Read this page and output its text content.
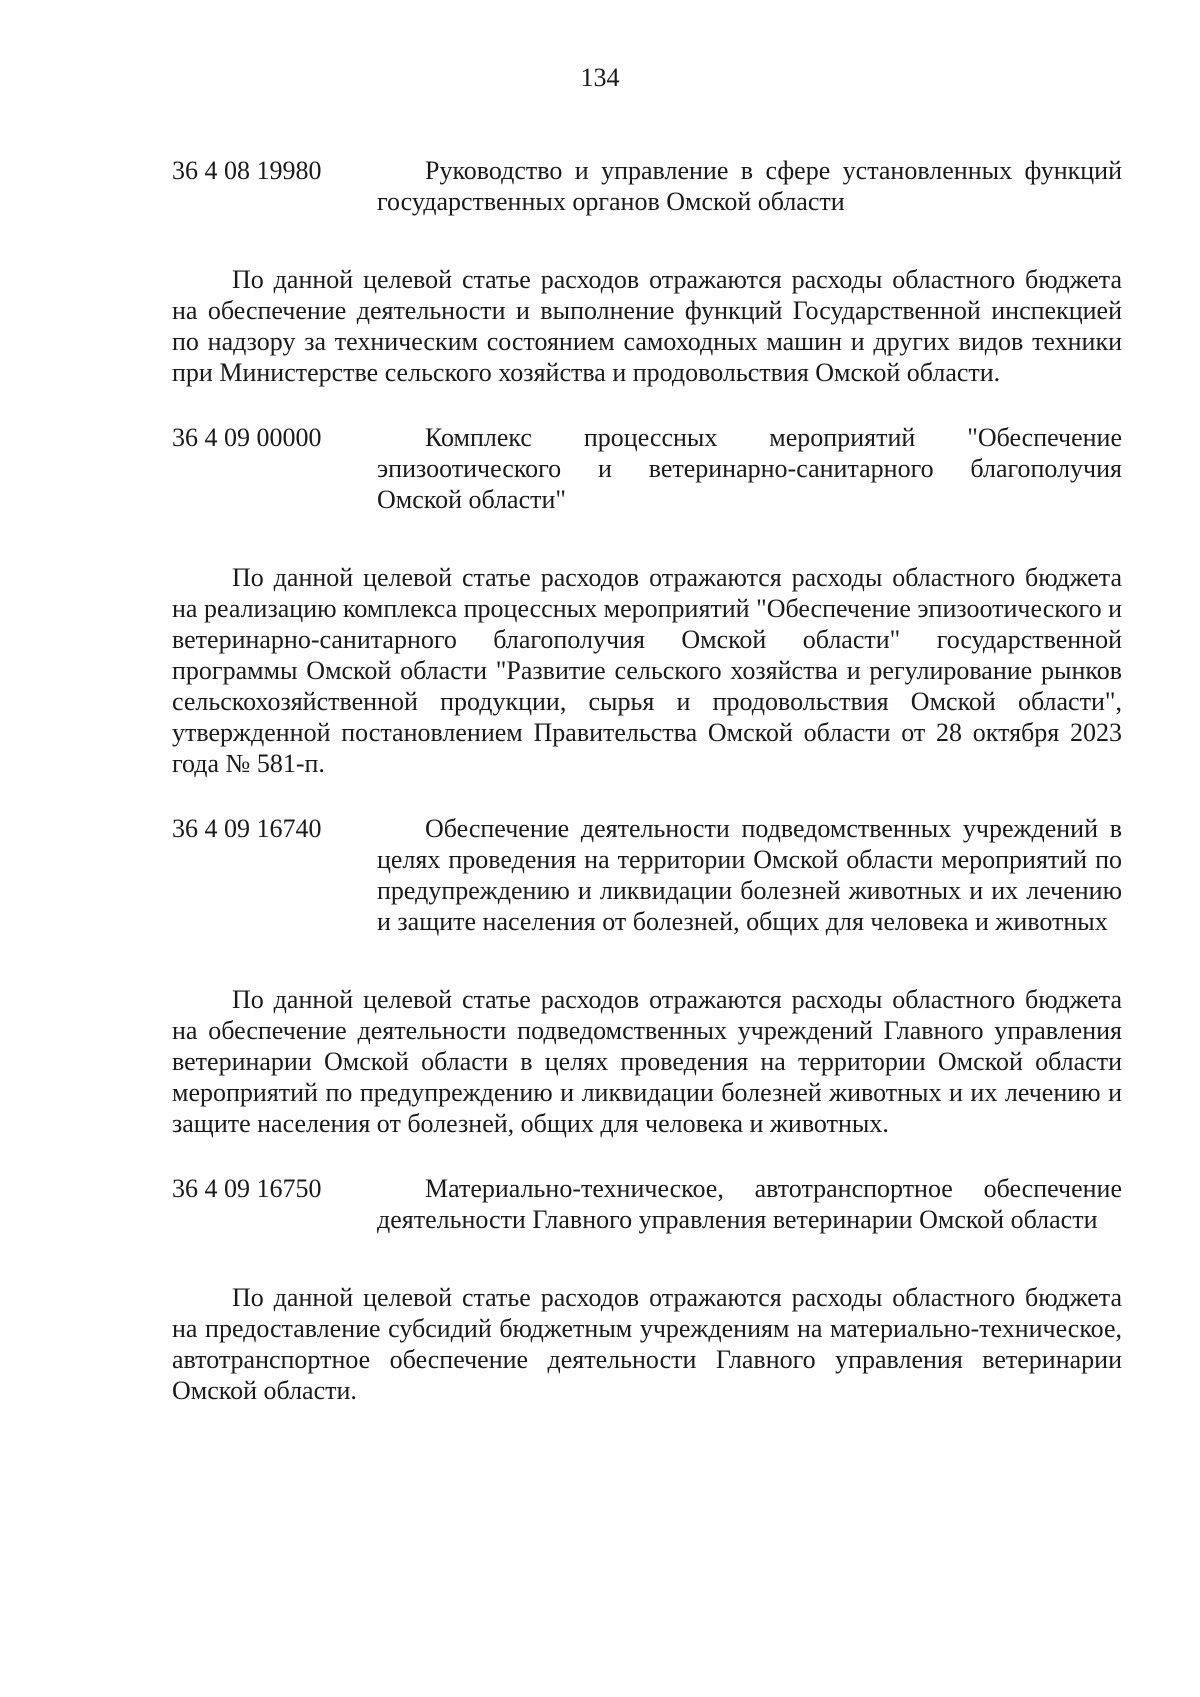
134
36 4 08 19980	Руководство и управление в сфере установленных функций государственных органов Омской области

По данной целевой статье расходов отражаются расходы областного бюджета на обеспечение деятельности и выполнение функций Государственной инспекцией по надзору за техническим состоянием самоходных машин и других видов техники при Министерстве сельского хозяйства и продовольствия Омской области.

36 4 09 00000	Комплекс процессных мероприятий "Обеспечение эпизоотического и ветеринарно-санитарного благополучия Омской области"

По данной целевой статье расходов отражаются расходы областного бюджета на реализацию комплекса процессных мероприятий "Обеспечение эпизоотического и ветеринарно-санитарного благополучия Омской области" государственной программы Омской области "Развитие сельского хозяйства и регулирование рынков сельскохозяйственной продукции, сырья и продовольствия Омской области", утвержденной постановлением Правительства Омской области от 28 октября 2023 года № 581-п.

36 4 09 16740	Обеспечение деятельности подведомственных учреждений в целях проведения на территории Омской области мероприятий по предупреждению и ликвидации болезней животных и их лечению и защите населения от болезней, общих для человека и животных

По данной целевой статье расходов отражаются расходы областного бюджета на обеспечение деятельности подведомственных учреждений Главного управления ветеринарии Омской области в целях проведения на территории Омской области мероприятий по предупреждению и ликвидации болезней животных и их лечению и защите населения от болезней, общих для человека и животных.

36 4 09 16750	Материально-техническое, автотранспортное обеспечение деятельности Главного управления ветеринарии Омской области

По данной целевой статье расходов отражаются расходы областного бюджета на предоставление субсидий бюджетным учреждениям на материально-техническое, автотранспортное обеспечение деятельности Главного управления ветеринарии Омской области.
